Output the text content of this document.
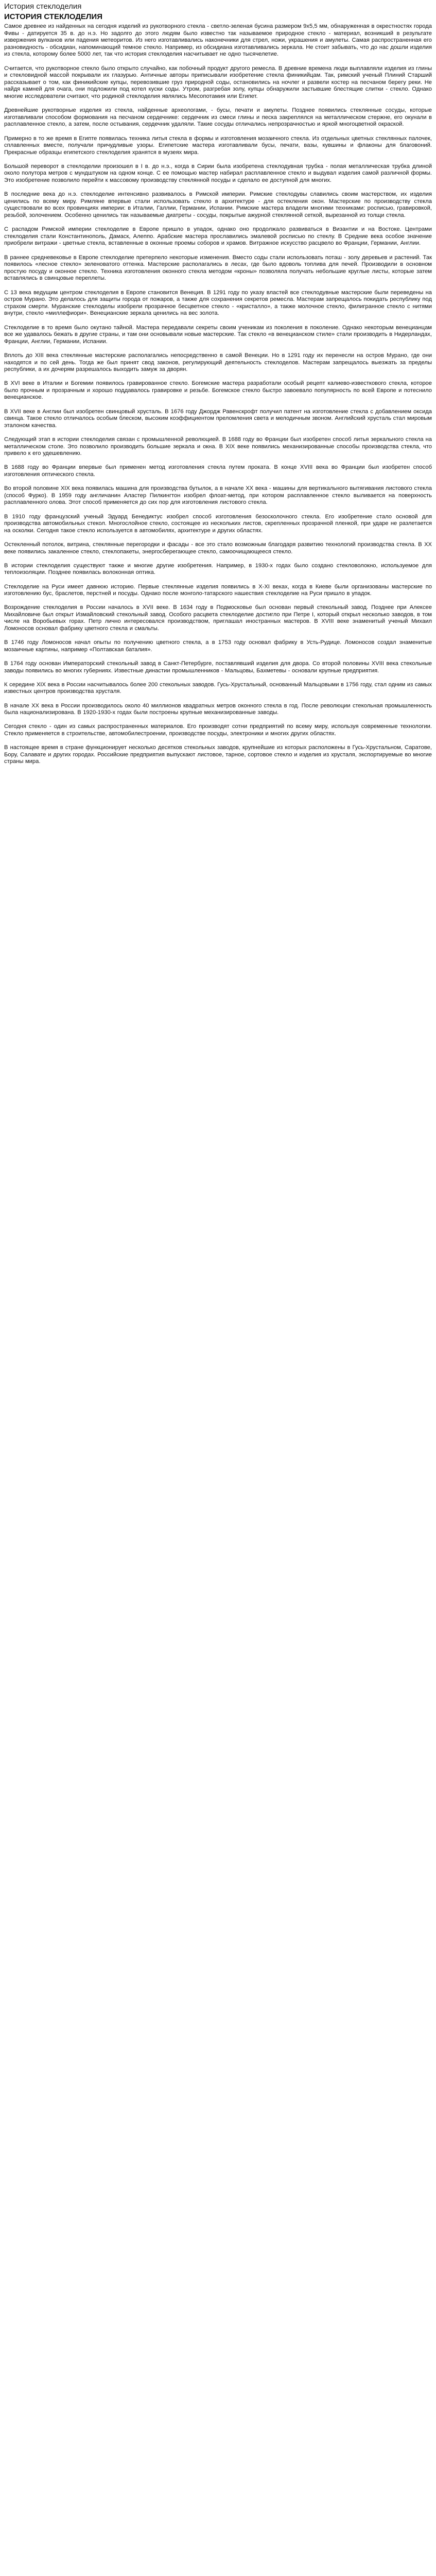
История стеклоделия
ИСТОРИЯ СТЕКЛОДЕЛИЯ

Самое древнее из найденных на сегодня изделий из рукотворного стекла - светло-зеленая бусина размером 9х5,5 мм, обнаруженная в окрестностях города Фивы - датируется 35 в. до н.э. Но задолго до этого людям было известно так называемое природное стекло - материал, возникший в результате извержения вулканов или падения метеоритов. Из него изготавливались наконечники для стрел, ножи, украшения и амулеты. Самая распространенная его разновидность - обсидиан, напоминающий темное стекло. Например, из обсидиана изготавливались зеркала. Не стоит забывать, что до нас дошли изделия из стекла, которому более 5000 лет, так что история стеклоделия насчитывает не одно тысячелетие.

Считается, что рукотворное стекло было открыто случайно, как побочный продукт другого ремесла. В древние времена люди выплавляли изделия из глины и стекловидной массой покрывали их глазурью. Античные авторы приписывали изобретение стекла финикийцам. Так, римский ученый Плиний Старший рассказывает о том, как финикийские купцы, перевозившие груз природной соды, остановились на ночлег и развели костер на песчаном берегу реки. Не найдя камней для очага, они подложили под котел куски соды. Утром, разгребая золу, купцы обнаружили застывшие блестящие слитки - стекло. Однако многие исследователи считают, что родиной стеклоделия являлись Месопотамия или Египет.

Древнейшие рукотворные изделия из стекла, найденные археологами, - бусы, печати и амулеты. Позднее появились стеклянные сосуды, которые изготавливали способом формования на песчаном сердечнике: сердечник из смеси глины и песка закреплялся на металлическом стержне, его окунали в расплавленное стекло, а затем, после остывания, сердечник удаляли. Такие сосуды отличались непрозрачностью и яркой многоцветной окраской.

Примерно в то же время в Египте появилась техника литья стекла в формы и изготовления мозаичного стекла. Из отдельных цветных стеклянных палочек, сплавленных вместе, получали причудливые узоры. Египетские мастера изготавливали бусы, печати, вазы, кувшины и флаконы для благовоний. Прекрасные образцы египетского стеклоделия хранятся в музеях мира.

Большой переворот в стеклоделии произошел в I в. до н.э., когда в Сирии была изобретена стеклодувная трубка - полая металлическая трубка длиной около полутора метров с мундштуком на одном конце. С ее помощью мастер набирал расплавленное стекло и выдувал изделия самой различной формы. Это изобретение позволило перейти к массовому производству стеклянной посуды и сделало ее доступной для многих.

В последние века до н.э. стеклоделие интенсивно развивалось в Римской империи. Римские стеклодувы славились своим мастерством, их изделия ценились по всему миру. Римляне впервые стали использовать стекло в архитектуре - для остекления окон. Мастерские по производству стекла существовали во всех провинциях империи: в Италии, Галлии, Германии, Испании. Римские мастера владели многими техниками: росписью, гравировкой, резьбой, золочением. Особенно ценились так называемые диатреты - сосуды, покрытые ажурной стеклянной сеткой, вырезанной из толщи стекла.

С распадом Римской империи стеклоделие в Европе пришло в упадок, однако оно продолжало развиваться в Византии и на Востоке. Центрами стеклоделия стали Константинополь, Дамаск, Алеппо. Арабские мастера прославились эмалевой росписью по стеклу. В Средние века особое значение приобрели витражи - цветные стекла, вставленные в оконные проемы соборов и храмов. Витражное искусство расцвело во Франции, Германии, Англии.

В раннее средневековье в Европе стеклоделие претерпело некоторые изменения. Вместо соды стали использовать поташ - золу деревьев и растений. Так появилось «лесное стекло» зеленоватого оттенка. Мастерские располагались в лесах, где было вдоволь топлива для печей. Производили в основном простую посуду и оконное стекло. Техника изготовления оконного стекла методом «кроны» позволяла получать небольшие круглые листы, которые затем вставлялись в свинцовые переплеты.

С 13 века ведущим центром стеклоделия в Европе становится Венеция. В 1291 году по указу властей все стеклодувные мастерские были переведены на остров Мурано. Это делалось для защиты города от пожаров, а также для сохранения секретов ремесла. Мастерам запрещалось покидать республику под страхом смерти. Муранские стеклоделы изобрели прозрачное бесцветное стекло - «кристалло», а также молочное стекло, филигранное стекло с нитями внутри, стекло «миллефиори». Венецианские зеркала ценились на вес золота.

Стеклоделие в то время было окутано тайной. Мастера передавали секреты своим ученикам из поколения в поколение. Однако некоторым венецианцам все же удавалось бежать в другие страны, и там они основывали новые мастерские. Так стекло «в венецианском стиле» стали производить в Нидерландах, Франции, Англии, Германии, Испании.

Вплоть до XIII века стеклянные мастерские располагались непосредственно в самой Венеции. Но в 1291 году их перенесли на остров Мурано, где они находятся и по сей день. Тогда же был принят свод законов, регулирующий деятельность стеклоделов. Мастерам запрещалось выезжать за пределы республики, а их дочерям разрешалось выходить замуж за дворян.

В XVI веке в Италии и Богемии появилось гравированное стекло. Богемские мастера разработали особый рецепт калиево-известкового стекла, которое было прочным и прозрачным и хорошо поддавалось гравировке и резьбе. Богемское стекло быстро завоевало популярность по всей Европе и потеснило венецианское.

В XVII веке в Англии был изобретен свинцовый хрусталь. В 1676 году Джордж Равенскрофт получил патент на изготовление стекла с добавлением оксида свинца. Такое стекло отличалось особым блеском, высоким коэффициентом преломления света и мелодичным звоном. Английский хрусталь стал мировым эталоном качества.

Следующий этап в истории стеклоделия связан с промышленной революцией. В 1688 году во Франции был изобретен способ литья зеркального стекла на металлическом столе. Это позволило производить большие зеркала и окна. В XIX веке появились механизированные способы производства стекла, что привело к его удешевлению.

В 1688 году во Франции впервые был применен метод изготовления стекла путем проката. В конце XVIII века во Франции был изобретен способ изготовления оптического стекла.

Во второй половине XIX века появилась машина для производства бутылок, а в начале XX века - машины для вертикального вытягивания листового стекла (способ Фурко). В 1959 году англичанин Аластер Пилкингтон изобрел флоат-метод, при котором расплавленное стекло выливается на поверхность расплавленного олова. Этот способ применяется до сих пор для изготовления листового стекла.

В 1910 году французский ученый Эдуард Бенедиктус изобрел способ изготовления безосколочного стекла. Его изобретение стало основой для производства автомобильных стекол. Многослойное стекло, состоящее из нескольких листов, скрепленных прозрачной пленкой, при ударе не разлетается на осколки. Сегодня такое стекло используется в автомобилях, архитектуре и других областях.

Остекленный потолок, витрина, стеклянные перегородки и фасады - все это стало возможным благодаря развитию технологий производства стекла. В XX веке появились закаленное стекло, стеклопакеты, энергосберегающее стекло, самоочищающееся стекло.

В истории стеклоделия существуют также и многие другие изобретения. Например, в 1930-х годах было создано стекловолокно, используемое для теплоизоляции. Позднее появилась волоконная оптика.

Стеклоделие на Руси имеет давнюю историю. Первые стеклянные изделия появились в X-XI веках, когда в Киеве были организованы мастерские по изготовлению бус, браслетов, перстней и посуды. Однако после монголо-татарского нашествия стеклоделие на Руси пришло в упадок.

Возрождение стеклоделия в России началось в XVII веке. В 1634 году в Подмосковье был основан первый стекольный завод. Позднее при Алексее Михайловиче был открыт Измайловский стекольный завод. Особого расцвета стеклоделие достигло при Петре I, который открыл несколько заводов, в том числе на Воробьевых горах. Петр лично интересовался производством, приглашал иностранных мастеров. В XVIII веке знаменитый ученый Михаил Ломоносов основал фабрику цветного стекла и смальты.

В 1746 году Ломоносов начал опыты по получению цветного стекла, а в 1753 году основал фабрику в Усть-Рудице. Ломоносов создал знаменитые мозаичные картины, например «Полтавская баталия».

В 1764 году основан Императорский стекольный завод в Санкт-Петербурге, поставлявший изделия для двора. Со второй половины XVIII века стекольные заводы появились во многих губерниях. Известные династии промышленников - Мальцовы, Бахметевы - основали крупные предприятия.

К середине XIX века в России насчитывалось более 200 стекольных заводов. Гусь-Хрустальный, основанный Мальцовыми в 1756 году, стал одним из самых известных центров производства хрусталя.

В начале XX века в России производилось около 40 миллионов квадратных метров оконного стекла в год. После революции стекольная промышленность была национализирована. В 1920-1930-х годах были построены крупные механизированные заводы.

Сегодня стекло - один из самых распространенных материалов. Его производят сотни предприятий по всему миру, используя современные технологии. Стекло применяется в строительстве, автомобилестроении, производстве посуды, электроники и многих других областях.

В настоящее время в стране функционирует несколько десятков стекольных заводов, крупнейшие из которых расположены в Гусь-Хрустальном, Саратове, Бору, Салавате и других городах. Российские предприятия выпускают листовое, тарное, сортовое стекло и изделия из хрусталя, экспортируемые во многие страны мира.
